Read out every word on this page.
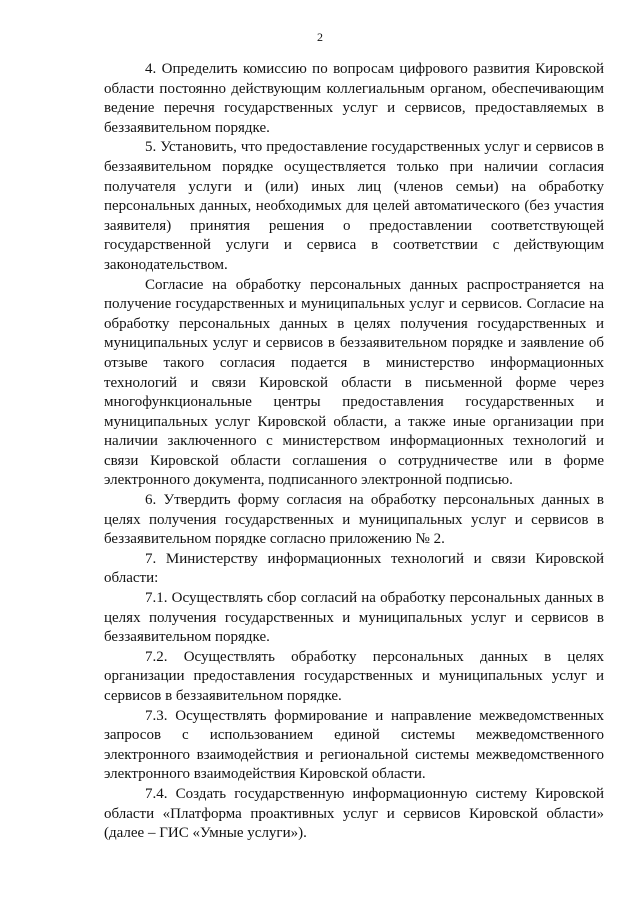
2

4. Определить комиссию по вопросам цифрового развития Кировской области постоянно действующим коллегиальным органом, обеспечивающим ведение перечня государственных услуг и сервисов, предоставляемых в беззаявительном порядке.

5. Установить, что предоставление государственных услуг и сервисов в беззаявительном порядке осуществляется только при наличии согласия получателя услуги и (или) иных лиц (членов семьи) на обработку персональных данных, необходимых для целей автоматического (без участия заявителя) принятия решения о предоставлении соответствующей государственной услуги и сервиса в соответствии с действующим законодательством.

Согласие на обработку персональных данных распространяется на получение государственных и муниципальных услуг и сервисов. Согласие на обработку персональных данных в целях получения государственных и муниципальных услуг и сервисов в беззаявительном порядке и заявление об отзыве такого согласия подается в министерство информационных технологий и связи Кировской области в письменной форме через многофункциональные центры предоставления государственных и муниципальных услуг Кировской области, а также иные организации при наличии заключенного с министерством информационных технологий и связи Кировской области соглашения о сотрудничестве или в форме электронного документа, подписанного электронной подписью.

6. Утвердить форму согласия на обработку персональных данных в целях получения государственных и муниципальных услуг и сервисов в беззаявительном порядке согласно приложению № 2.

7. Министерству информационных технологий и связи Кировской области:

7.1. Осуществлять сбор согласий на обработку персональных данных в целях получения государственных и муниципальных услуг и сервисов в беззаявительном порядке.

7.2. Осуществлять обработку персональных данных в целях организации предоставления государственных и муниципальных услуг и сервисов в беззаявительном порядке.

7.3. Осуществлять формирование и направление межведомственных запросов с использованием единой системы межведомственного электронного взаимодействия и региональной системы межведомственного электронного взаимодействия Кировской области.

7.4. Создать государственную информационную систему Кировской области «Платформа проактивных услуг и сервисов Кировской области» (далее – ГИС «Умные услуги»).
